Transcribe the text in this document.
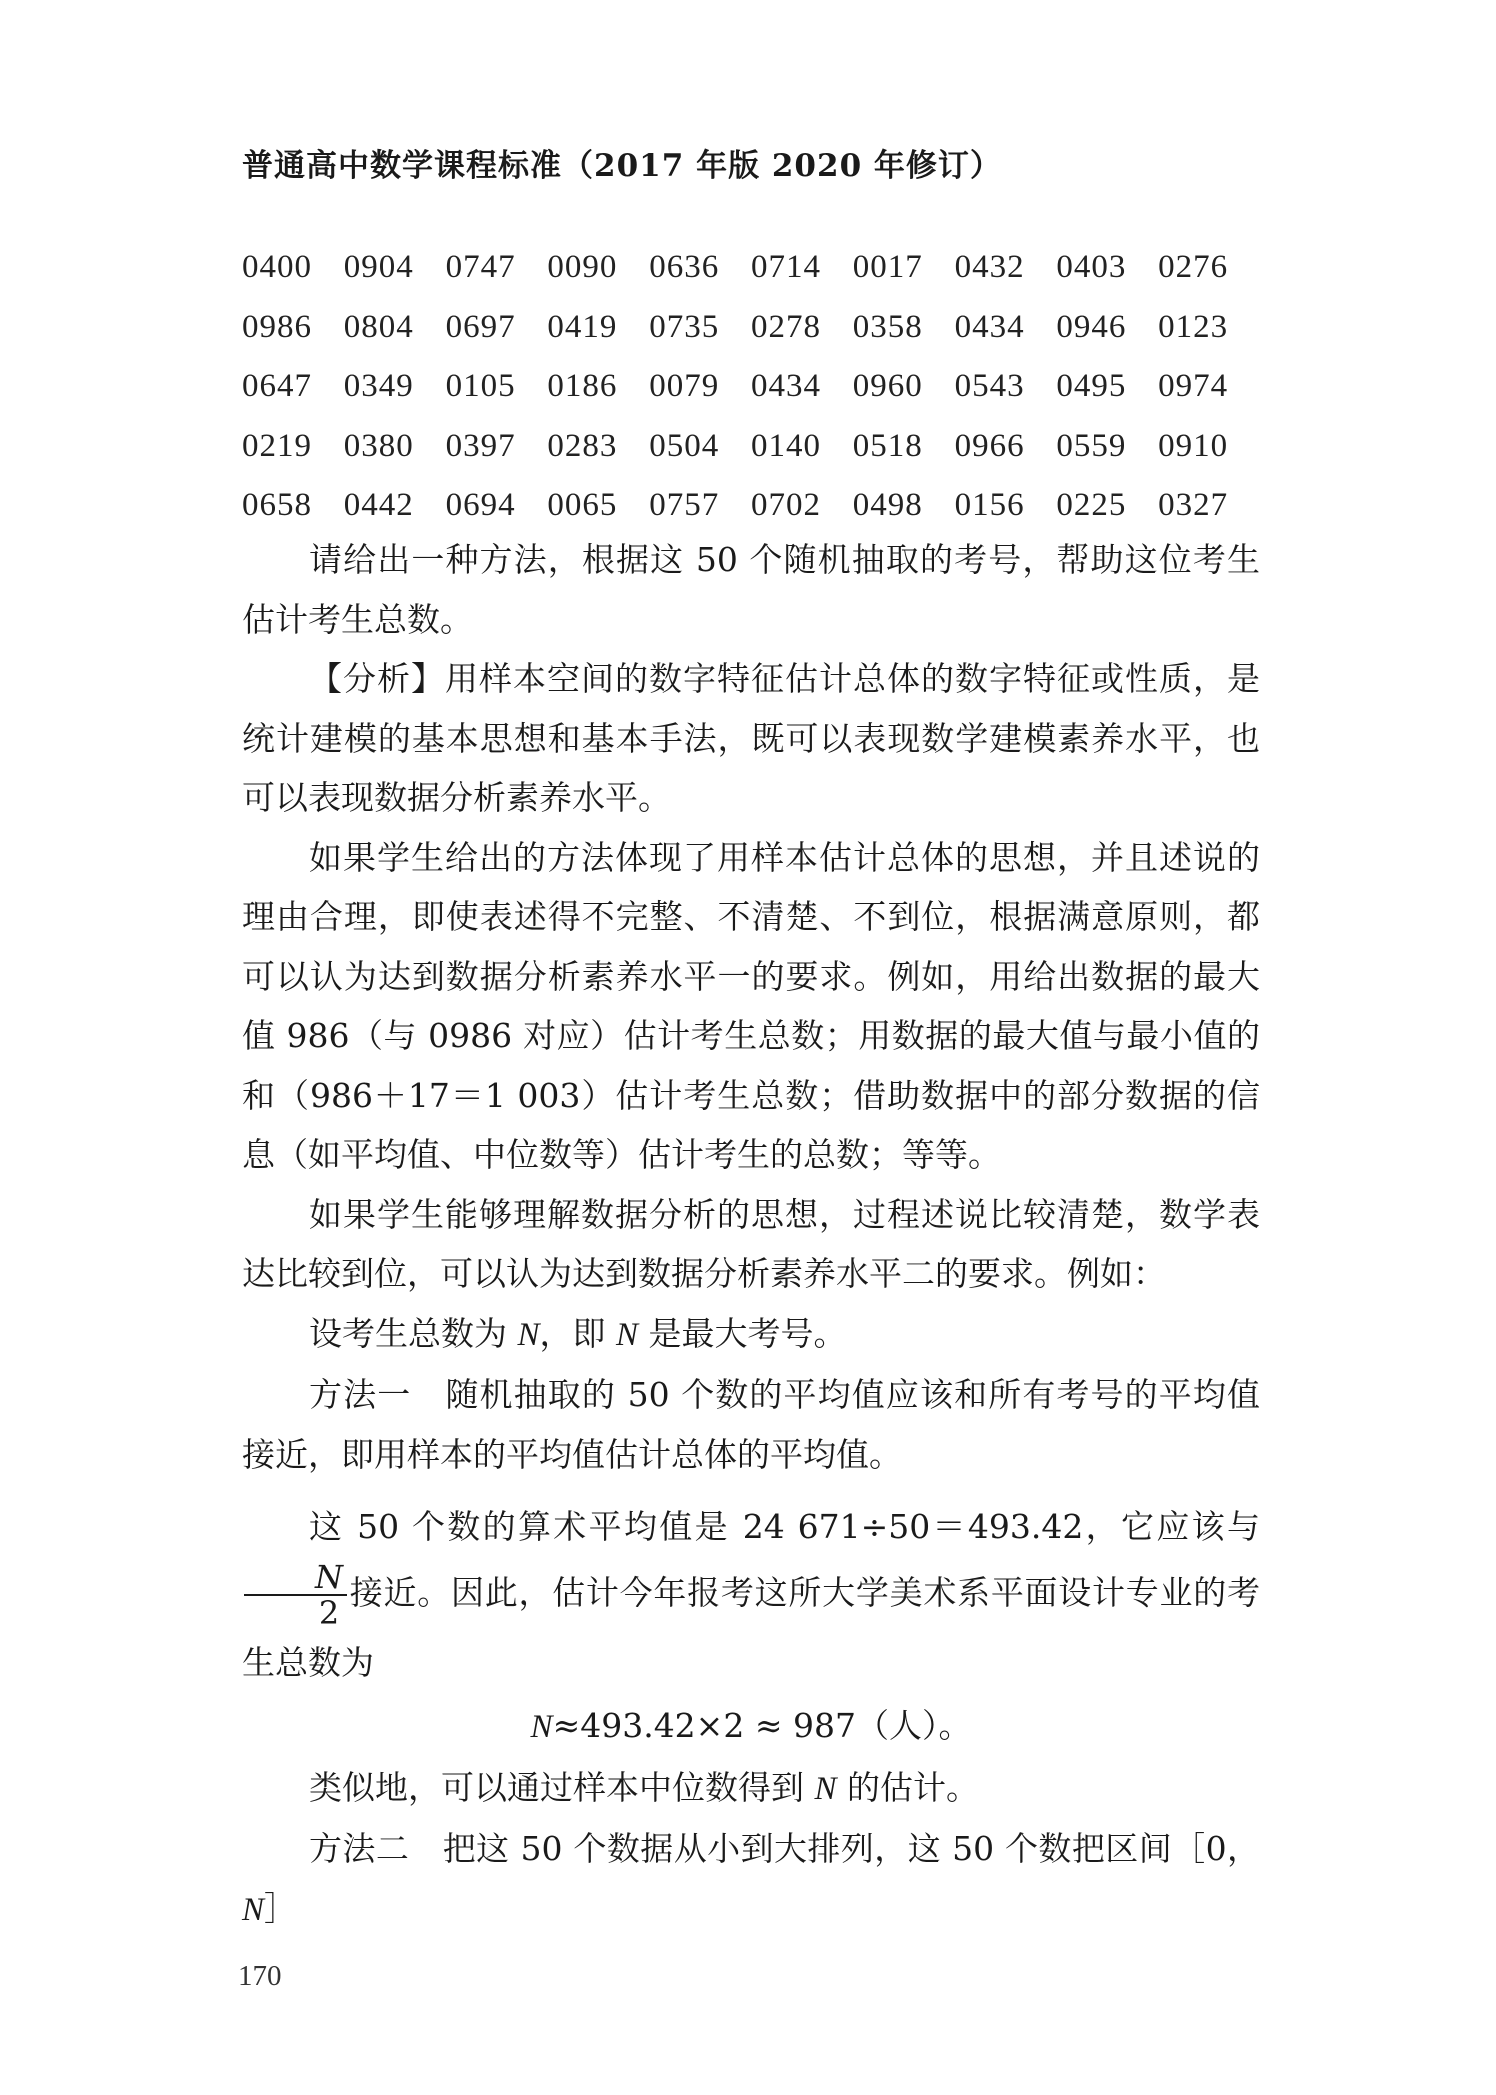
普通高中数学课程标准（2017 年版 2020 年修订）
0400 0904 0747 0090 0636 0714 0017 0432 0403 0276
0986 0804 0697 0419 0735 0278 0358 0434 0946 0123
0647 0349 0105 0186 0079 0434 0960 0543 0495 0974
0219 0380 0397 0283 0504 0140 0518 0966 0559 0910
0658 0442 0694 0065 0757 0702 0498 0156 0225 0327

请给出一种方法，根据这 50 个随机抽取的考号，帮助这位考生估计考生总数。

【分析】用样本空间的数字特征估计总体的数字特征或性质，是统计建模的基本思想和基本手法，既可以表现数学建模素养水平，也可以表现数据分析素养水平。

如果学生给出的方法体现了用样本估计总体的思想，并且述说的理由合理，即使表述得不完整、不清楚、不到位，根据满意原则，都可以认为达到数据分析素养水平一的要求。例如，用给出数据的最大值 986（与 0986 对应）估计考生总数；用数据的最大值与最小值的和（986＋17＝1 003）估计考生总数；借助数据中的部分数据的信息（如平均值、中位数等）估计考生的总数；等等。

如果学生能够理解数据分析的思想，过程述说比较清楚，数学表达比较到位，可以认为达到数据分析素养水平二的要求。例如：

设考生总数为 N，即 N 是最大考号。

方法一　随机抽取的 50 个数的平均值应该和所有考号的平均值接近，即用样本的平均值估计总体的平均值。

这 50 个数的算术平均值是 24 671÷50＝493.42，它应该与
$\frac{N}{2}$ 接近。因此，估计今年报考这所大学美术系平面设计专业的考生总数为

N≈493.42×2 ≈ 987（人）。

类似地，可以通过样本中位数得到 N 的估计。

方法二　把这 50 个数据从小到大排列，这 50 个数把区间［0，N］

170
